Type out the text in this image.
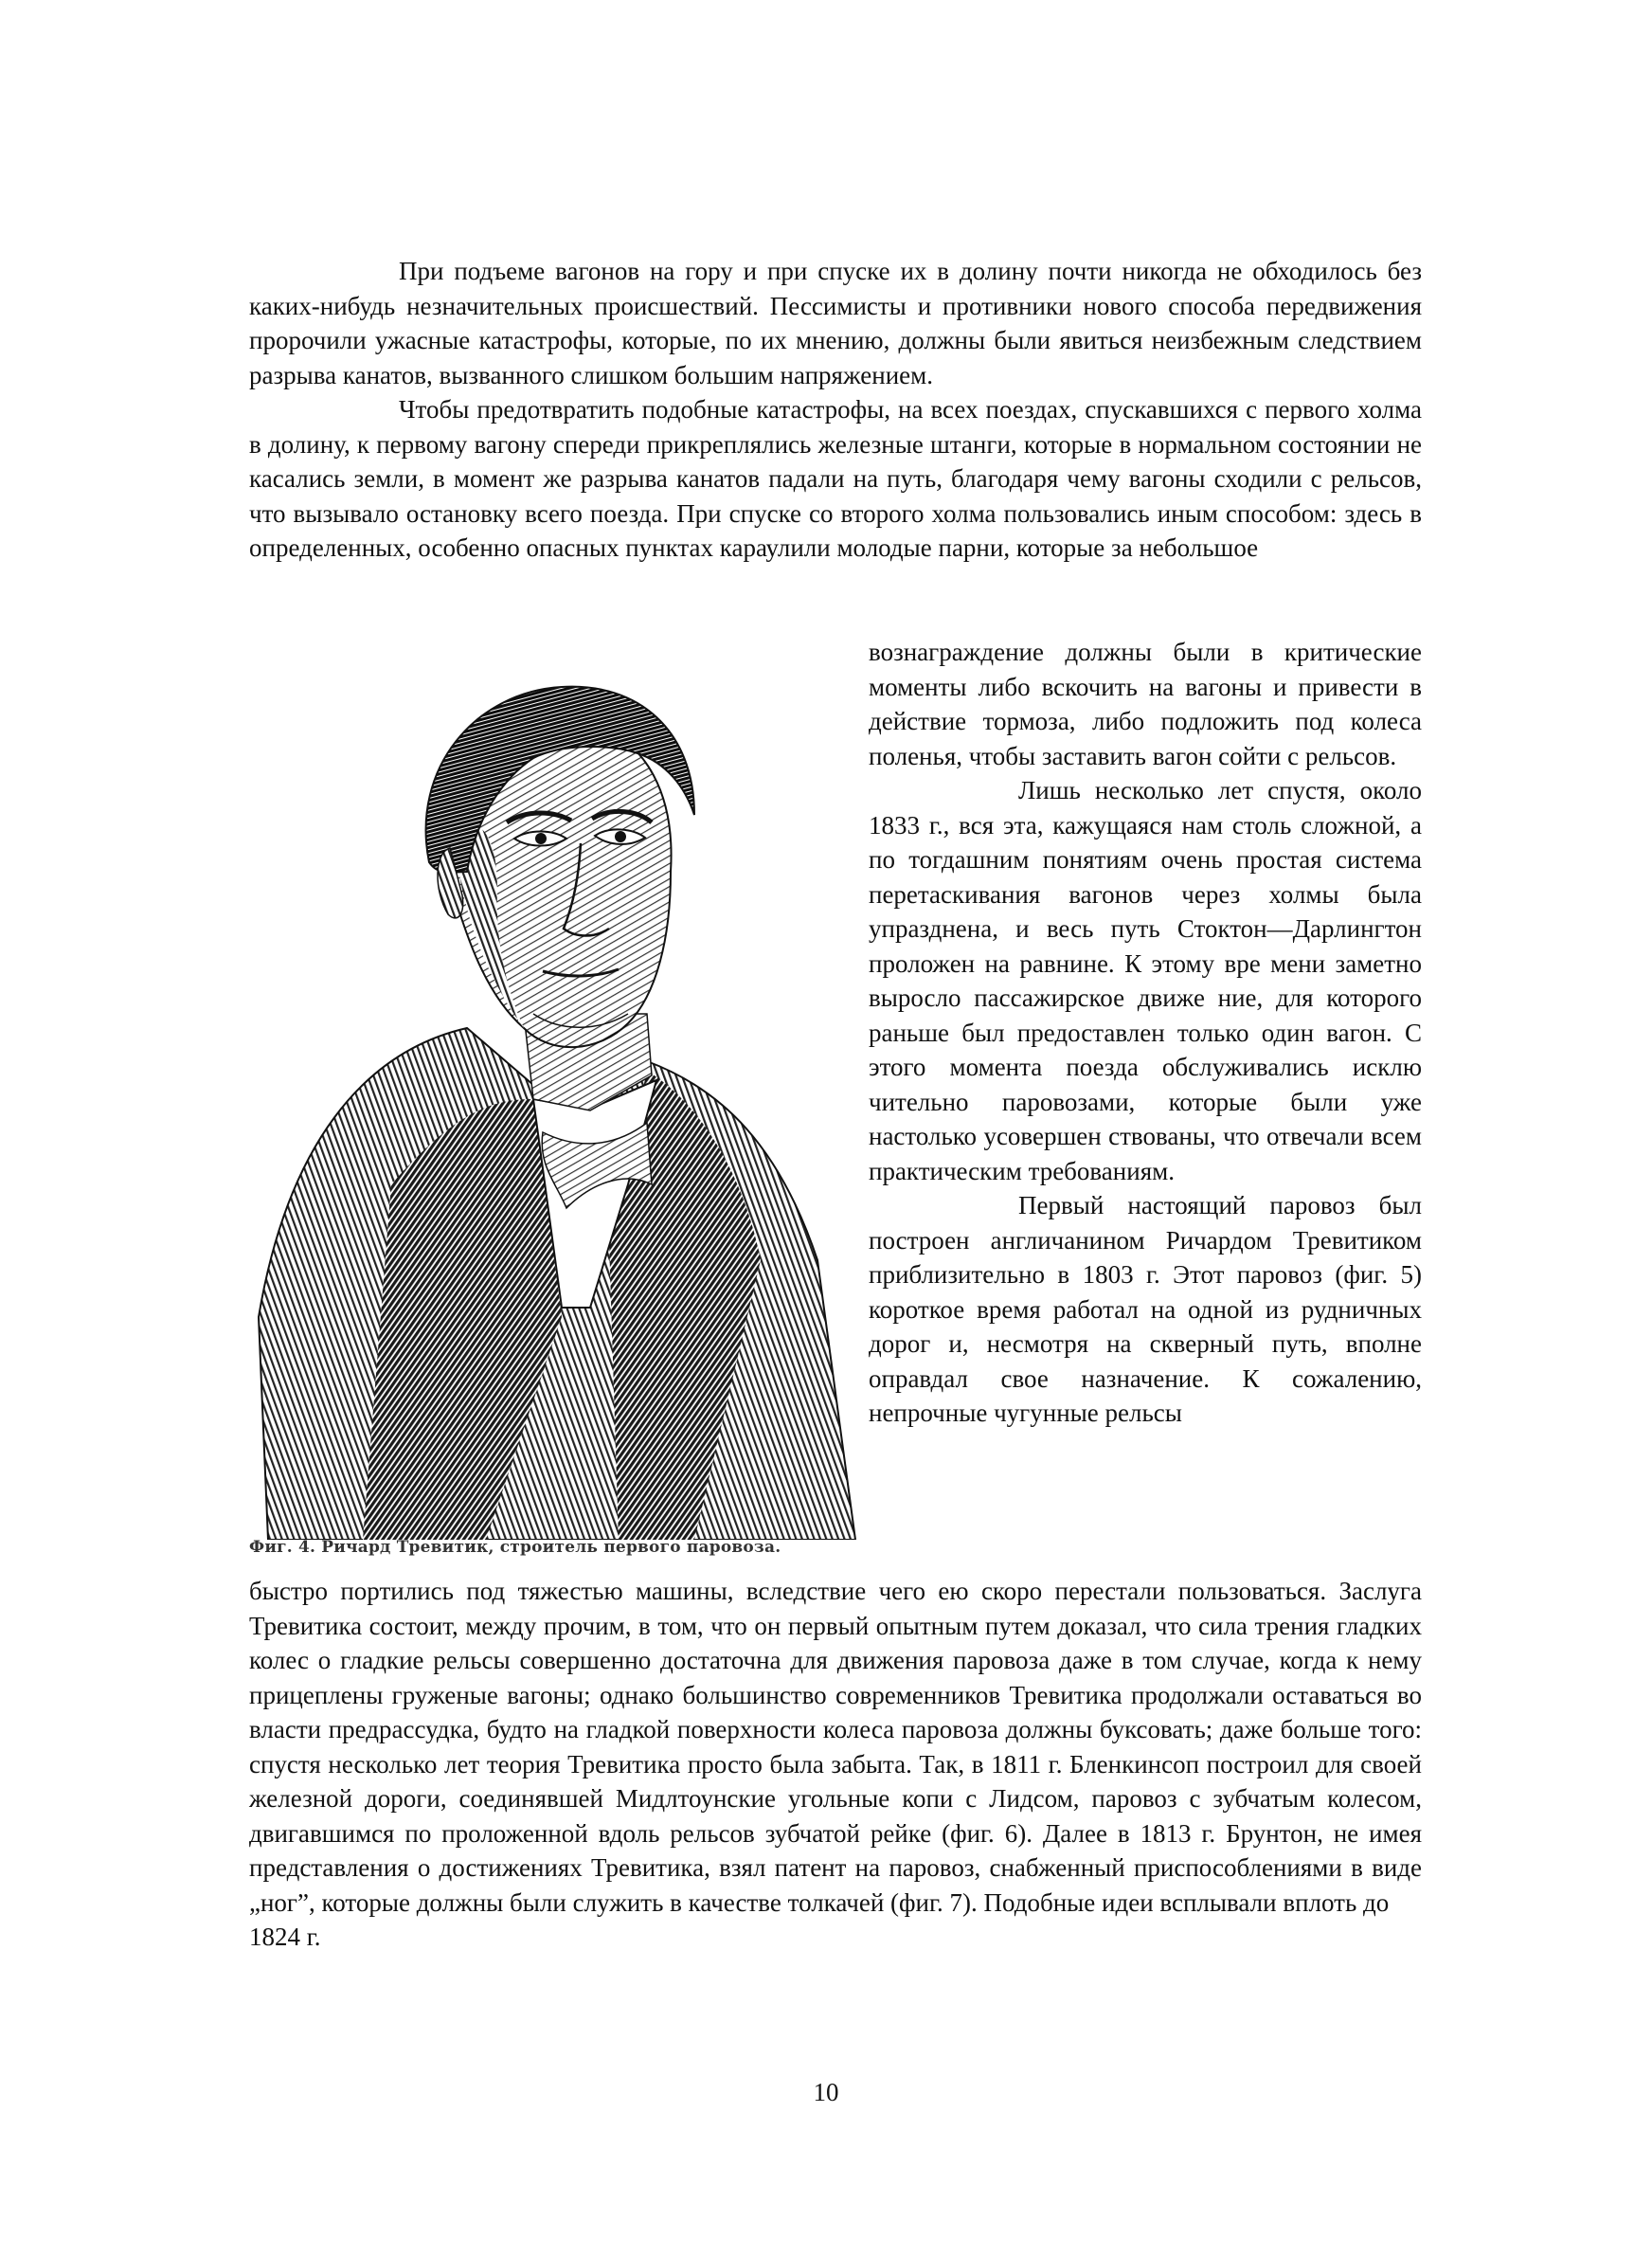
При подъеме вагонов на гору и при спуске их в долину почти никогда не обходилось без каких-нибудь незначительных происшествий. Пессимисты и противники нового способа передвижения пророчили ужасные катастрофы, которые, по их мнению, должны были явиться неизбежным следствием разрыва канатов, вызванного слишком большим напряжением.

Чтобы предотвратить подобные катастрофы, на всех поездах, спускавшихся с первого холма в долину, к первому вагону спереди прикреплялись железные штанги, которые в нормальном состоянии не касались земли, в момент же разрыва канатов падали на путь, благодаря чему вагоны сходили с рельсов, что вызывало остановку всего поезда. При спуске со второго холма пользовались иным способом: здесь в определенных, особенно опасных пунктах караулили молодые парни, которые за небольшое

Фиг. 4. Ричард Тревитик, строитель первого паровоза.

вознаграждение должны были в критические моменты либо вскочить на вагоны и привести в действие тормоза, либо подложить под колеса поленья, чтобы заставить вагон сойти с рельсов.

Лишь несколько лет спустя, около 1833 г., вся эта, кажущаяся нам столь сложной, а по тогдашним понятиям очень простая система перетаскивания вагонов через холмы была упразднена, и весь путь Стоктон—Дарлингтон проложен на равнине. К этому вре мени заметно выросло пассажирское движе ние, для которого раньше был предоставлен только один вагон. С этого момента поезда обслуживались исклю чительно паровозами, которые были уже настолько усовершен ствованы, что отвечали всем практическим требованиям.

Первый настоящий паровоз был построен англичанином Ричардом Тревитиком приблизительно в 1803 г. Этот паровоз (фиг. 5) короткое время работал на одной из рудничных дорог и, несмотря на скверный путь, вполне оправдал свое назначение. К сожалению, непрочные чугунные рельсы

быстро портились под тяжестью машины, вследствие чего ею скоро перестали пользоваться. Заслуга Тревитика состоит, между прочим, в том, что он первый опытным путем доказал, что сила трения гладких колес о гладкие рельсы совершенно достаточна для движения паровоза даже в том случае, когда к нему прицеплены груженые вагоны; однако большинство современников Тревитика продолжали оставаться во власти предрассудка, будто на гладкой поверхности колеса паровоза должны буксовать; даже больше того: спустя несколько лет теория Тревитика просто была забыта. Так, в 1811 г. Бленкинсоп построил для своей железной дороги, соединявшей Мидлтоунские угольные копи с Лидсом, паровоз с зубчатым колесом, двигавшимся по проложенной вдоль рельсов зубчатой рейке (фиг. 6). Далее в 1813 г. Брунтон, не имея представления о достижениях Тревитика, взял патент на паровоз, снабженный приспособлениями в виде „ног”, которые должны были служить в качестве толкачей (фиг. 7). Подобные идеи всплывали вплоть до

1824 г.

10
